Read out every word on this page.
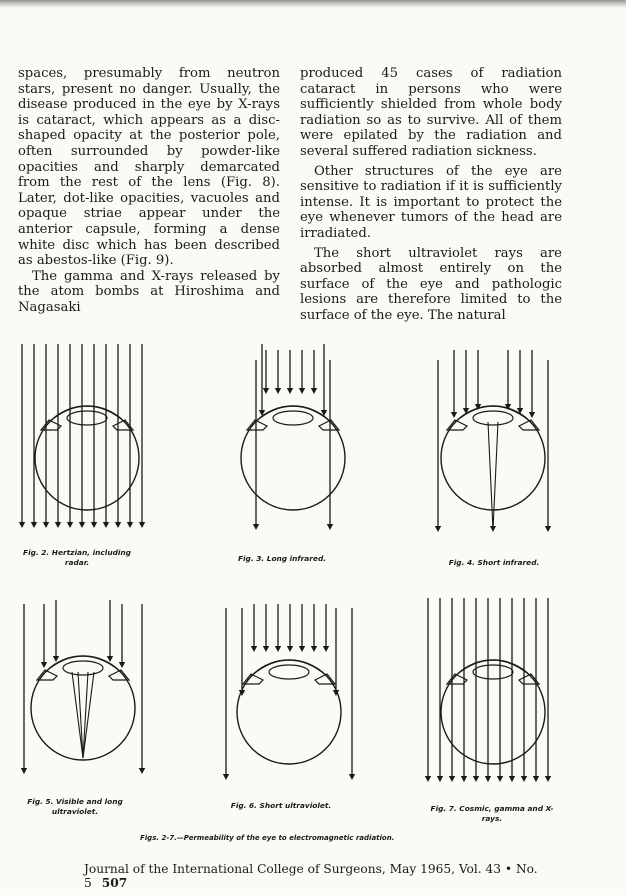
spaces, presumably from neutron stars, present no danger. Usually, the disease produced in the eye by X-rays is cataract, which appears as a disc-shaped opacity at the posterior pole, often surrounded by powder-like opacities and sharply demarcated from the rest of the lens (Fig. 8). Later, dot-like opacities, vacuoles and opaque striae appear under the anterior capsule, forming a dense white disc which has been described as abestos-like (Fig. 9).

The gamma and X-rays released by the atom bombs at Hiroshima and Nagasaki

produced 45 cases of radiation cataract in persons who were sufficiently shielded from whole body radiation so as to survive. All of them were epilated by the radiation and several suffered radiation sickness.

Other structures of the eye are sensitive to radiation if it is sufficiently intense. It is important to protect the eye whenever tumors of the head are irradiated.

The short ultraviolet rays are absorbed almost entirely on the surface of the eye and pathologic lesions are therefore limited to the surface of the eye. The natural

Fig. 2. Hertzian, including radar.	Fig. 3. Long infrared.	Fig. 4. Short infrared.
Fig. 5. Visible and long ultraviolet.
Fig. 6. Short ultraviolet.	Fig. 7. Cosmic, gamma and X-rays.
Figs. 2-7.—Permeability of the eye to electromagnetic radiation.
Journal of the International College of Surgeons, May 1965, Vol. 43 • No. 5 507
